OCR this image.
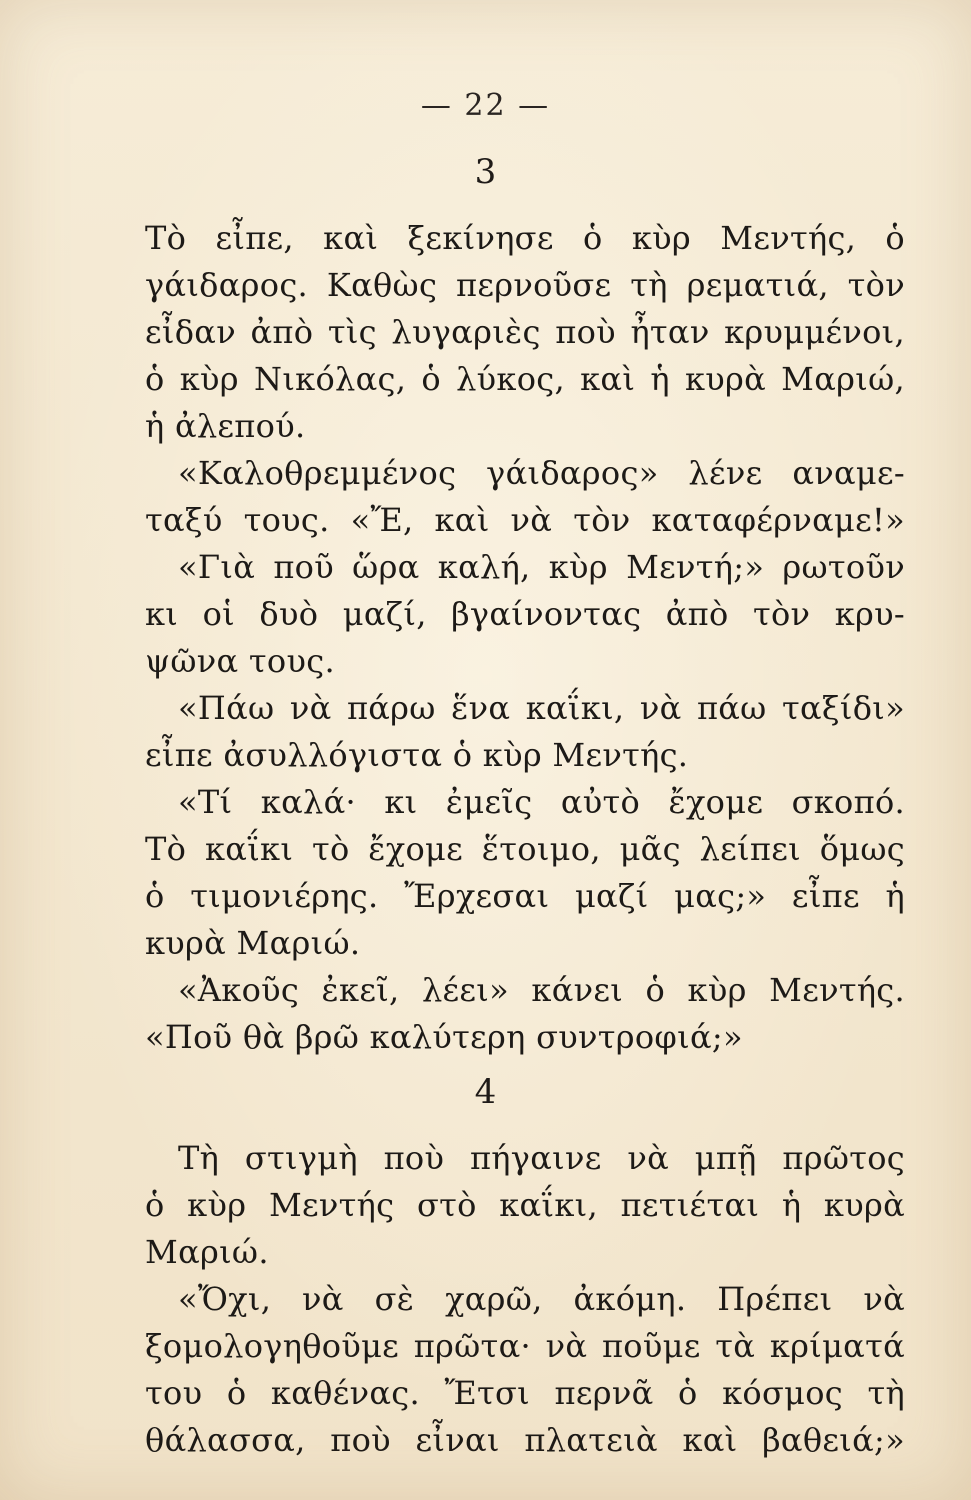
— 22 —
3
Τὸ εἶπε, καὶ ξεκίνησε ὁ κὺρ Μεντής, ὁ
γάιδαρος. Καθὼς περνοῦσε τὴ ρεματιά, τὸν
εἶδαν ἀπὸ τὶς λυγαριὲς ποὺ ἦταν κρυμμένοι,
ὁ κὺρ Νικόλας, ὁ λύκος, καὶ ἡ κυρὰ Μαριώ,
ἡ ἀλεπού.
«Καλοθρεμμένος γάιδαρος» λένε αναμε-
ταξύ τους. «Ἔ, καὶ νὰ τὸν καταφέρναμε!»
«Γιὰ ποῦ ὥρα καλή, κὺρ Μεντή;» ρωτοῦν
κι οἱ δυὸ μαζί, βγαίνοντας ἀπὸ τὸν κρυ-
ψῶνα τους.
«Πάω νὰ πάρω ἕνα καΐκι, νὰ πάω ταξίδι»
εἶπε ἀσυλλόγιστα ὁ κὺρ Μεντής.
«Τί καλά· κι ἐμεῖς αὐτὸ ἔχομε σκοπό.
Τὸ καΐκι τὸ ἔχομε ἕτοιμο, μᾶς λείπει ὅμως
ὁ τιμονιέρης. Ἔρχεσαι μαζί μας;» εἶπε ἡ
κυρὰ Μαριώ.
«Ἀκοῦς ἐκεῖ, λέει» κάνει ὁ κὺρ Μεντής.
«Ποῦ θὰ βρῶ καλύτερη συντροφιά;»
4
Τὴ στιγμὴ ποὺ πήγαινε νὰ μπῇ πρῶτος
ὁ κὺρ Μεντής στὸ καΐκι, πετιέται ἡ κυρὰ
Μαριώ.
«Ὄχι, νὰ σὲ χαρῶ, ἀκόμη. Πρέπει νὰ
ξομολογηθοῦμε πρῶτα· νὰ ποῦμε τὰ κρίματά
του ὁ καθένας. Ἔτσι περνᾶ ὁ κόσμος τὴ
θάλασσα, ποὺ εἶναι πλατειὰ καὶ βαθειά;»
